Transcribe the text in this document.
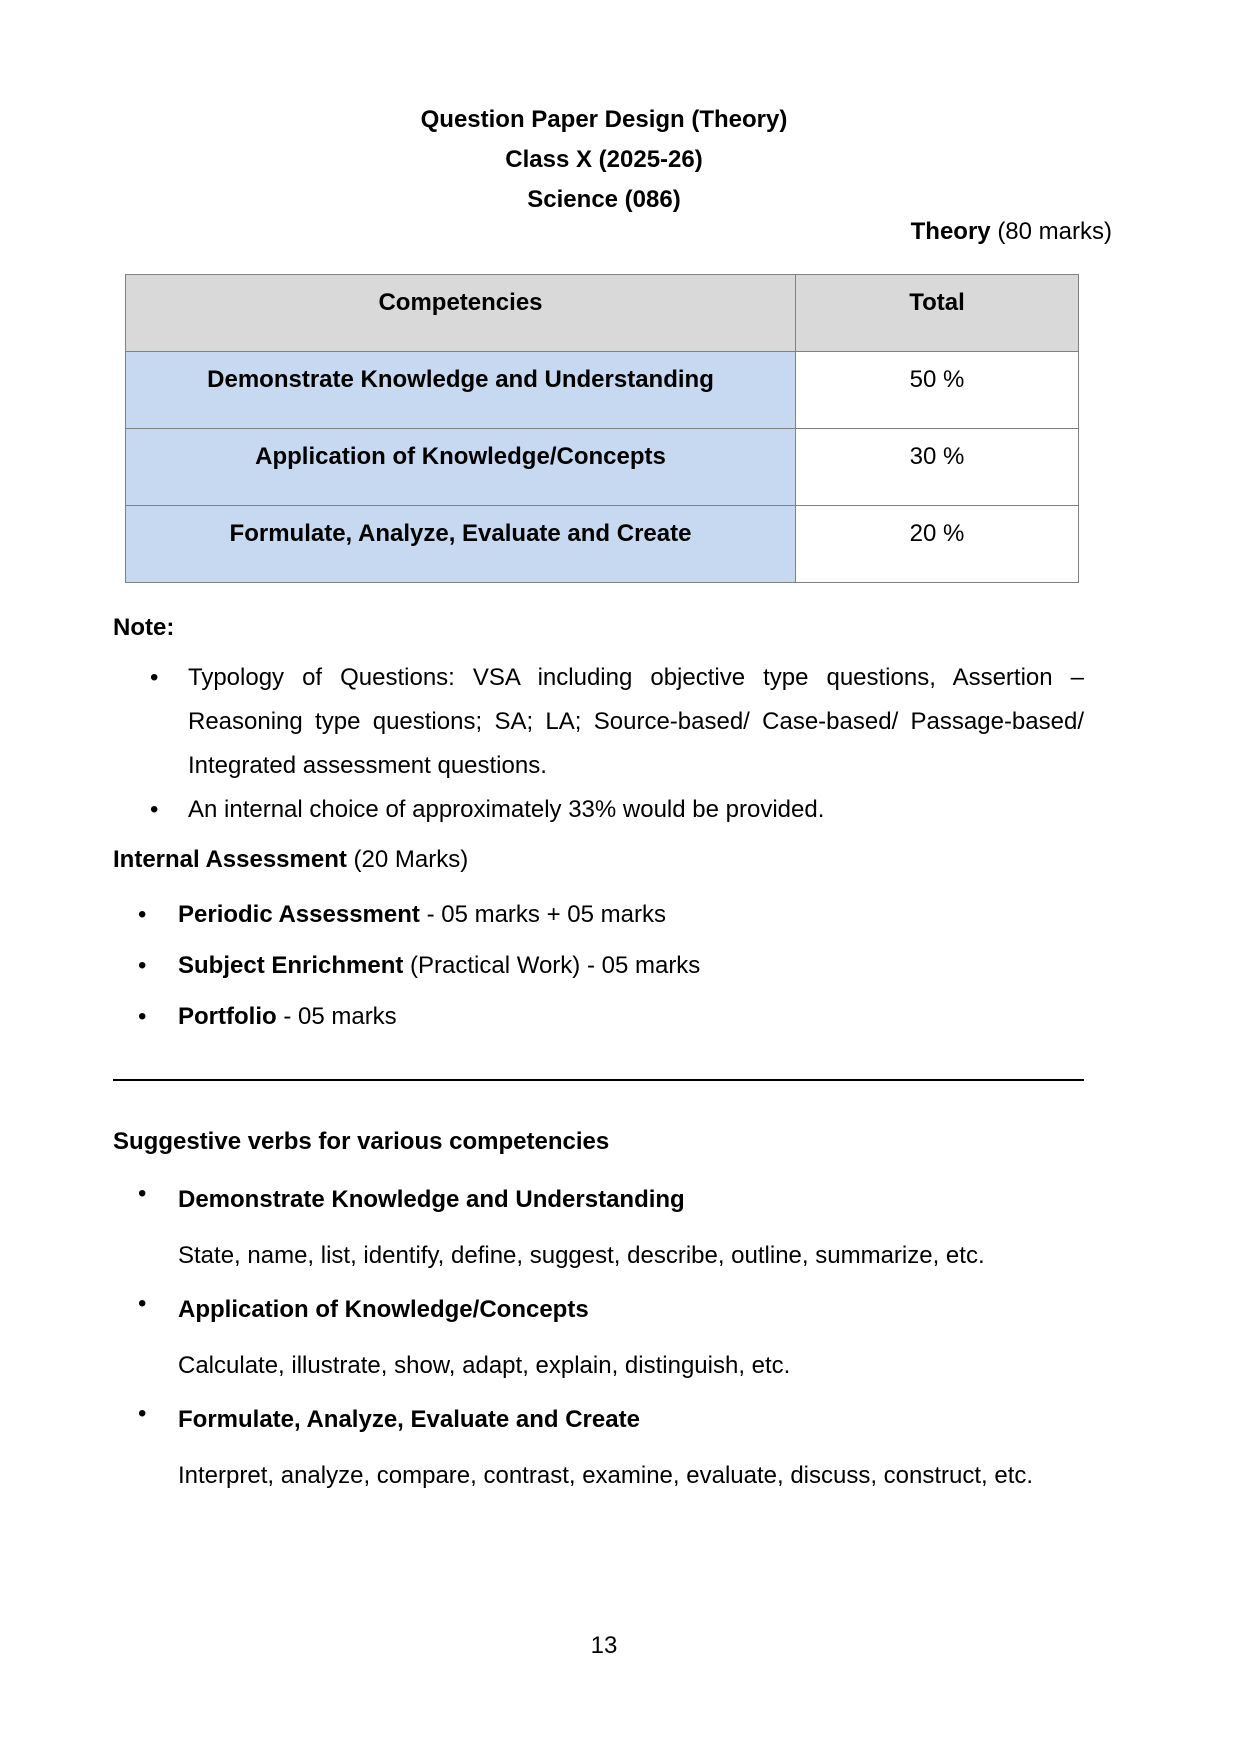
Question Paper Design (Theory)
Class X (2025-26)
Science (086)
Theory (80 marks)
Competencies	Total
Demonstrate Knowledge and Understanding	50 %
Application of Knowledge/Concepts	30 %
Formulate, Analyze, Evaluate and Create	20 %
Note:
• Typology of Questions: VSA including objective type questions, Assertion – Reasoning type questions; SA; LA; Source-based/ Case-based/ Passage-based/ Integrated assessment questions.
• An internal choice of approximately 33% would be provided.
Internal Assessment (20 Marks)
• Periodic Assessment - 05 marks + 05 marks
• Subject Enrichment (Practical Work) - 05 marks
• Portfolio - 05 marks
Suggestive verbs for various competencies
• Demonstrate Knowledge and Understanding
State, name, list, identify, define, suggest, describe, outline, summarize, etc.
• Application of Knowledge/Concepts
Calculate, illustrate, show, adapt, explain, distinguish, etc.
• Formulate, Analyze, Evaluate and Create
Interpret, analyze, compare, contrast, examine, evaluate, discuss, construct, etc.
13
